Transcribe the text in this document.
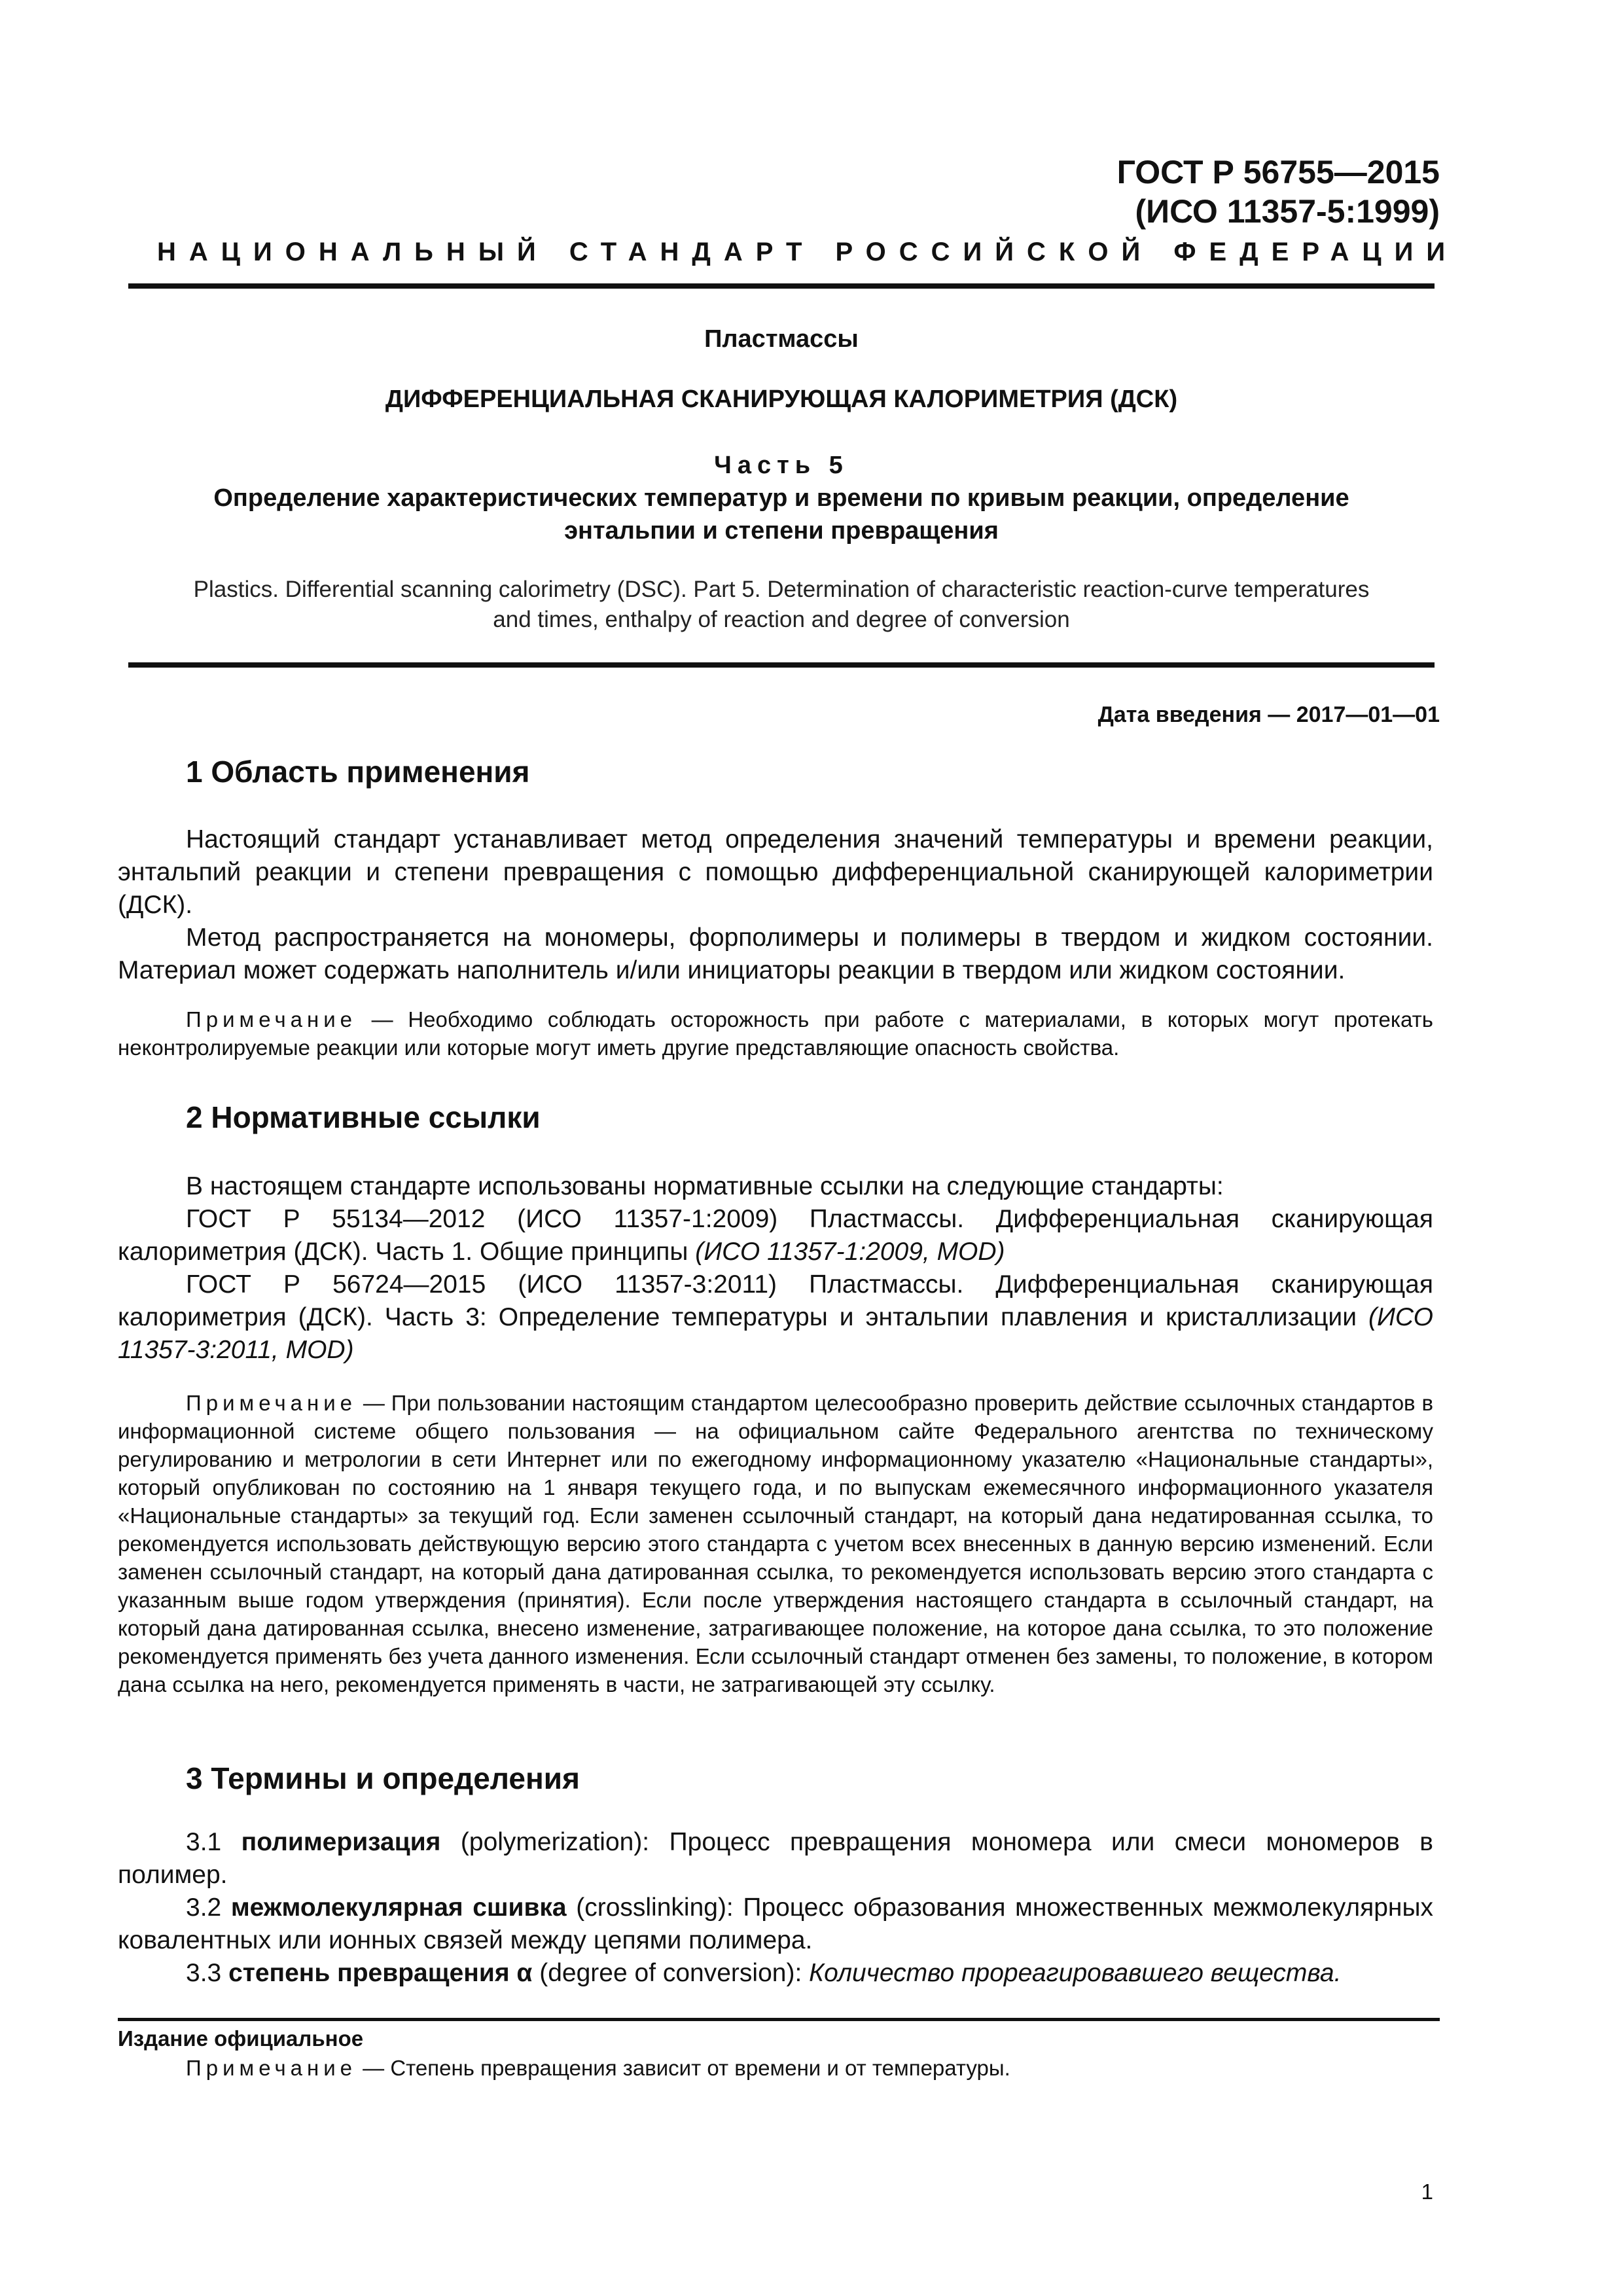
ГОСТ Р 56755—2015
(ИСО 11357-5:1999)
НАЦИОНАЛЬНЫЙ СТАНДАРТ РОССИЙСКОЙ ФЕДЕРАЦИИ
Пластмассы
ДИФФЕРЕНЦИАЛЬНАЯ СКАНИРУЮЩАЯ КАЛОРИМЕТРИЯ (ДСК)
Часть 5
Определение характеристических температур и времени по кривым реакции, определение
энтальпии и степени превращения
Plastics. Differential scanning calorimetry (DSC). Part 5. Determination of characteristic reaction-curve temperatures
and times, enthalpy of reaction and degree of conversion
Дата введения — 2017—01—01
1 Область применения
Настоящий стандарт устанавливает метод определения значений температуры и времени реакции, энтальпий реакции и степени превращения с помощью дифференциальной сканирующей калориметрии (ДСК).
Метод распространяется на мономеры, форполимеры и полимеры в твердом и жидком состоянии. Материал может содержать наполнитель и/или инициаторы реакции в твердом или жидком состоянии.
Примечание — Необходимо соблюдать осторожность при работе с материалами, в которых могут протекать неконтролируемые реакции или которые могут иметь другие представляющие опасность свойства.
2 Нормативные ссылки
В настоящем стандарте использованы нормативные ссылки на следующие стандарты:
ГОСТ Р 55134—2012 (ИСО 11357-1:2009) Пластмассы. Дифференциальная сканирующая калориметрия (ДСК). Часть 1. Общие принципы (ИСО 11357-1:2009, MOD)
ГОСТ Р 56724—2015 (ИСО 11357-3:2011) Пластмассы. Дифференциальная сканирующая калориметрия (ДСК). Часть 3: Определение температуры и энтальпии плавления и кристаллизации (ИСО 11357-3:2011, MOD)
Примечание — При пользовании настоящим стандартом целесообразно проверить действие ссылочных стандартов в информационной системе общего пользования — на официальном сайте Федерального агентства по техническому регулированию и метрологии в сети Интернет или по ежегодному информационному указателю «Национальные стандарты», который опубликован по состоянию на 1 января текущего года, и по выпускам ежемесячного информационного указателя «Национальные стандарты» за текущий год. Если заменен ссылочный стандарт, на который дана недатированная ссылка, то рекомендуется использовать действующую версию этого стандарта с учетом всех внесенных в данную версию изменений. Если заменен ссылочный стандарт, на который дана датированная ссылка, то рекомендуется использовать версию этого стандарта с указанным выше годом утверждения (принятия). Если после утверждения настоящего стандарта в ссылочный стандарт, на который дана датированная ссылка, внесено изменение, затрагивающее положение, на которое дана ссылка, то это положение рекомендуется применять без учета данного изменения. Если ссылочный стандарт отменен без замены, то положение, в котором дана ссылка на него, рекомендуется применять в части, не затрагивающей эту ссылку.
3 Термины и определения
3.1 полимеризация (polymerization): Процесс превращения мономера или смеси мономеров в полимер.
3.2 межмолекулярная сшивка (crosslinking): Процесс образования множественных межмолекулярных ковалентных или ионных связей между цепями полимера.
3.3 степень превращения α (degree of conversion): Количество прореагировавшего вещества.
Издание официальное
Примечание — Степень превращения зависит от времени и от температуры.
1
